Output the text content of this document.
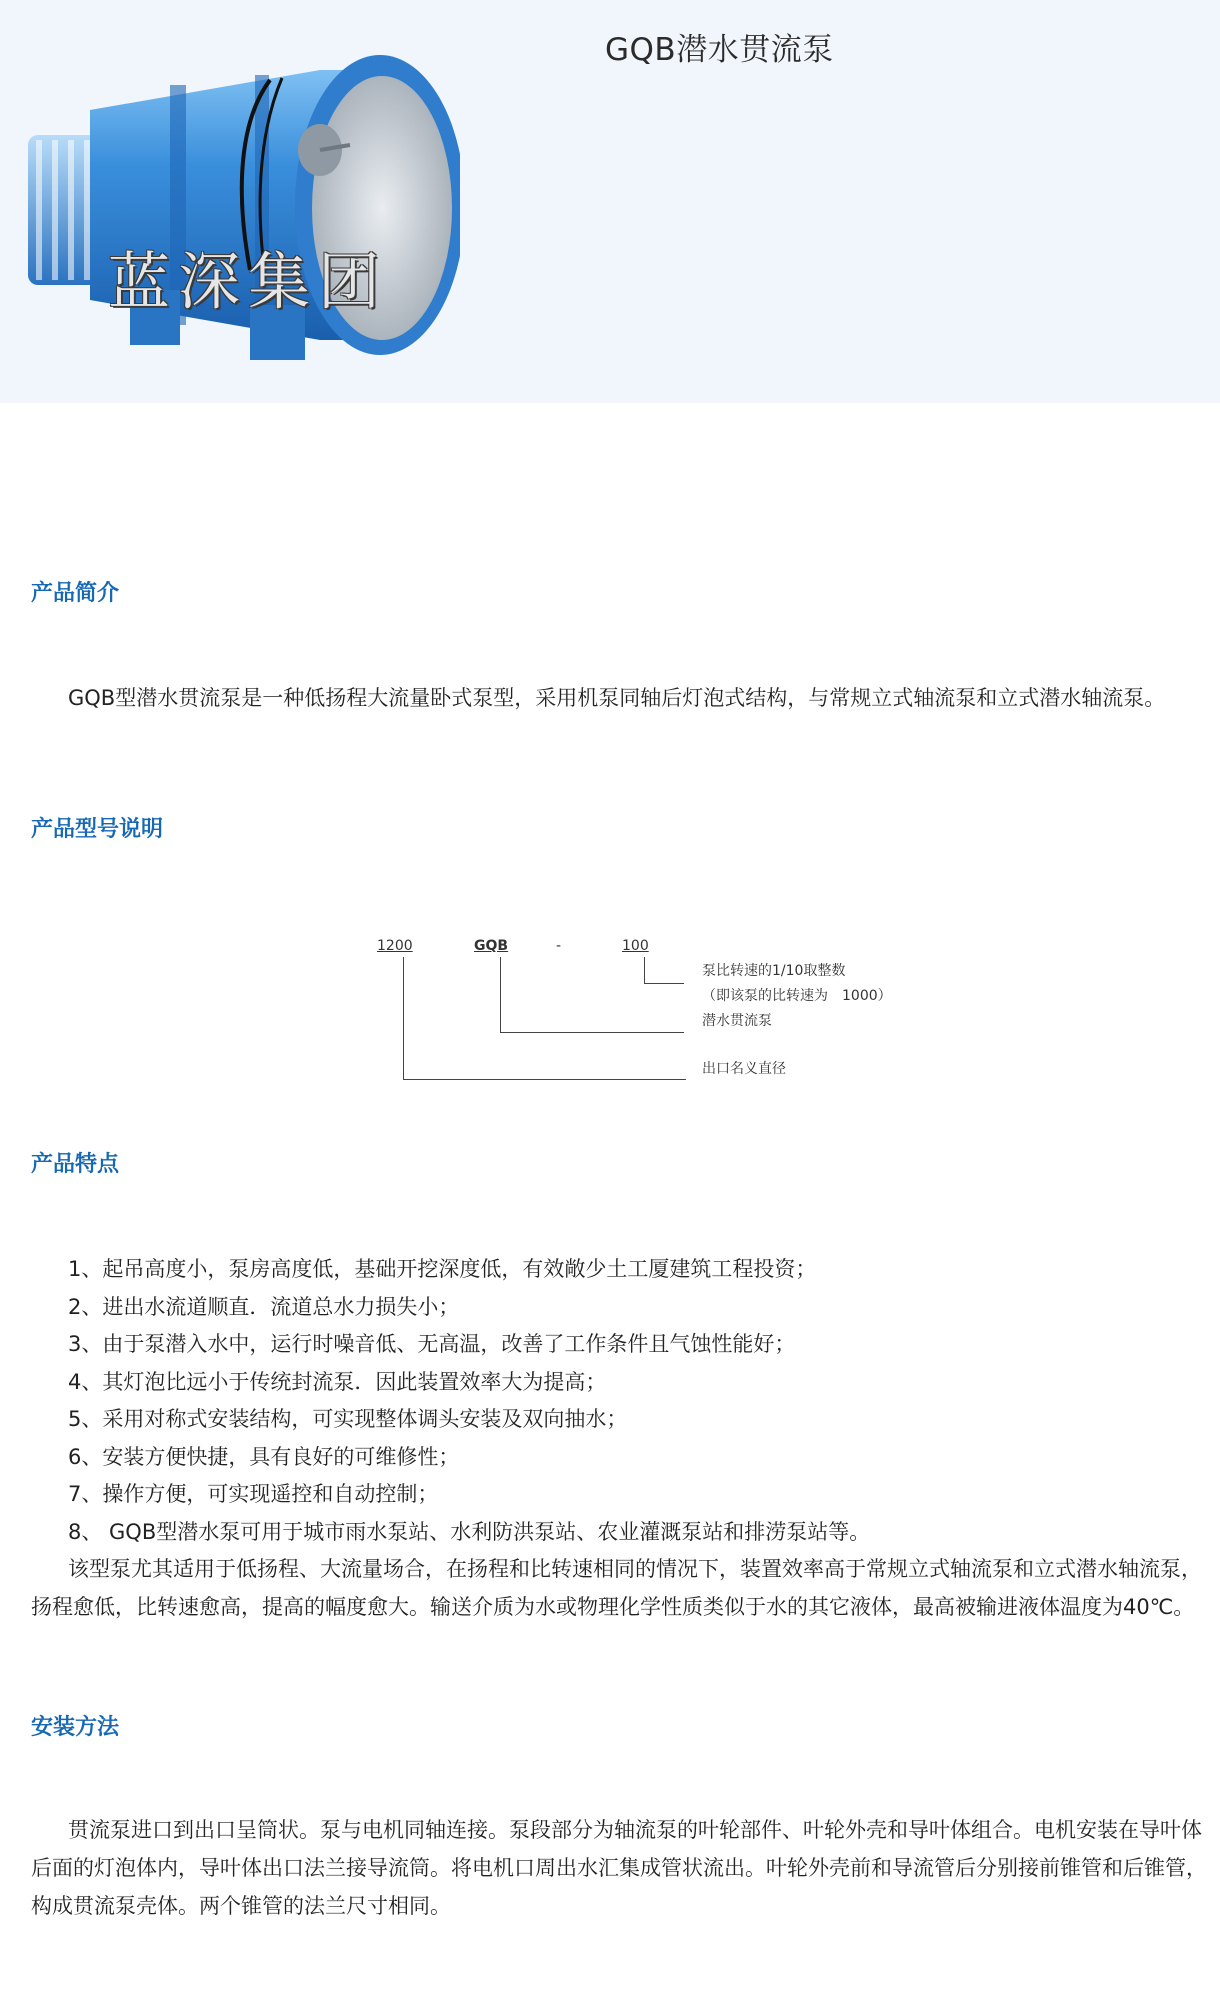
蓝深集团
GQB潜水贯流泵
产品简介
GQB型潜水贯流泵是一种低扬程大流量卧式泵型，采用机泵同轴后灯泡式结构，与常规立式轴流泵和立式潜水轴流泵。
产品型号说明
1200	GQB	-	100
泵比转速的1/10取整数
（即该泵的比转速为　1000）
潜水贯流泵
出口名义直径
产品特点
1、起吊高度小，泵房高度低，基础开挖深度低，有效敞少土工厦建筑工程投资；
2、进出水流道顺直．流道总水力损失小；
3、由于泵潜入水中，运行时噪音低、无高温，改善了工作条件且气蚀性能好；
4、其灯泡比远小于传统封流泵．因此装置效率大为提高；
5、采用对称式安装结构，可实现整体调头安装及双向抽水；
6、安装方便快捷，具有良好的可维修性；
7、操作方便，可实现遥控和自动控制；
8、 GQB型潜水泵可用于城市雨水泵站、水利防洪泵站、农业灌溉泵站和排涝泵站等。
该型泵尤其适用于低扬程、大流量场合，在扬程和比转速相同的情况下，装置效率高于常规立式轴流泵和立式潜水轴流泵，
扬程愈低，比转速愈高，提高的幅度愈大。输送介质为水或物理化学性质类似于水的其它液体，最高被输进液体温度为40℃。
安装方法
贯流泵进口到出口呈筒状。泵与电机同轴连接。泵段部分为轴流泵的叶轮部件、叶轮外壳和导叶体组合。电机安装在导叶体
后面的灯泡体内，导叶体出口法兰接导流筒。将电机口周出水汇集成管状流出。叶轮外壳前和导流管后分别接前锥管和后锥管，
构成贯流泵壳体。两个锥管的法兰尺寸相同。
